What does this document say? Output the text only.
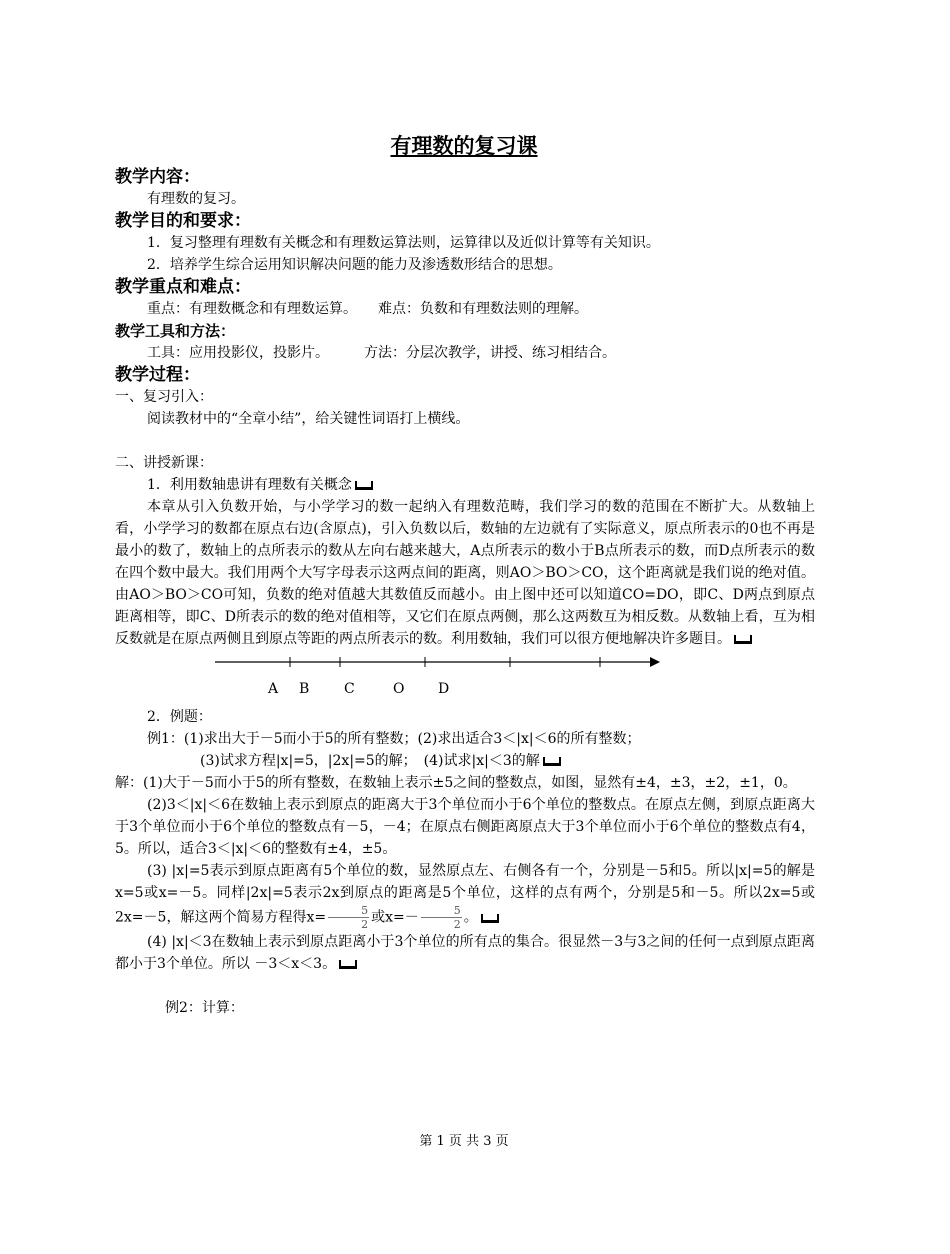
有理数的复习课
教学内容：
有理数的复习。
教学目的和要求：
1．复习整理有理数有关概念和有理数运算法则，运算律以及近似计算等有关知识。
2．培养学生综合运用知识解决问题的能力及渗透数形结合的思想。
教学重点和难点：
重点：有理数概念和有理数运算。　　难点：负数和有理数法则的理解。
教学工具和方法：
工具：应用投影仪，投影片。　　　方法：分层次教学，讲授、练习相结合。
教学过程：
一、复习引入：
阅读教材中的“全章小结”，给关键性词语打上横线。
二、讲授新课：
1．利用数轴患讲有理数有关概念
本章从引入负数开始，与小学学习的数一起纳入有理数范畴，我们学习的数的范围在不断扩大。从数轴上看，小学学习的数都在原点右边(含原点)，引入负数以后，数轴的左边就有了实际意义，原点所表示的0也不再是最小的数了，数轴上的点所表示的数从左向右越来越大，A点所表示的数小于B点所表示的数，而D点所表示的数在四个数中最大。我们用两个大写字母表示这两点间的距离，则AO＞BO＞CO，这个距离就是我们说的绝对值。由AO＞BO＞CO可知，负数的绝对值越大其数值反而越小。由上图中还可以知道CO=DO，即C、D两点到原点距离相等，即C、D所表示的数的绝对值相等，又它们在原点两侧，那么这两数互为相反数。从数轴上看，互为相反数就是在原点两侧且到原点等距的两点所表示的数。利用数轴，我们可以很方便地解决许多题目。
A B C	O D
2．例题：
例1：(1)求出大于－5而小于5的所有整数；(2)求出适合3＜|x|＜6的所有整数；
(3)试求方程|x|=5，|2x|=5的解；　(4)试求|x|＜3的解
解：(1)大于－5而小于5的所有整数，在数轴上表示±5之间的整数点，如图，显然有±4，±3，±2，±1，0。
(2)3＜|x|＜6在数轴上表示到原点的距离大于3个单位而小于6个单位的整数点。在原点左侧，到原点距离大于3个单位而小于6个单位的整数点有－5，－4；在原点右侧距离原点大于3个单位而小于6个单位的整数点有4，5。所以，适合3＜|x|＜6的整数有±4，±5。
(3) |x|=5表示到原点距离有5个单位的数，显然原点左、右侧各有一个，分别是－5和5。所以|x|=5的解是x=5或x=－5。同样|2x|=5表示2x到原点的距离是5个单位，这样的点有两个，分别是5和－5。所以2x=5或2x=－5，解这两个简易方程得$x= \frac{5}{2}$ 或$x=- \frac{5}{2}$ 。
(4) |x|＜3在数轴上表示到原点距离小于3个单位的所有点的集合。很显然－3与3之间的任何一点到原点距离都小于3个单位。所以 －3＜x＜3。
例2：计算：
第 1 页 共 3 页
